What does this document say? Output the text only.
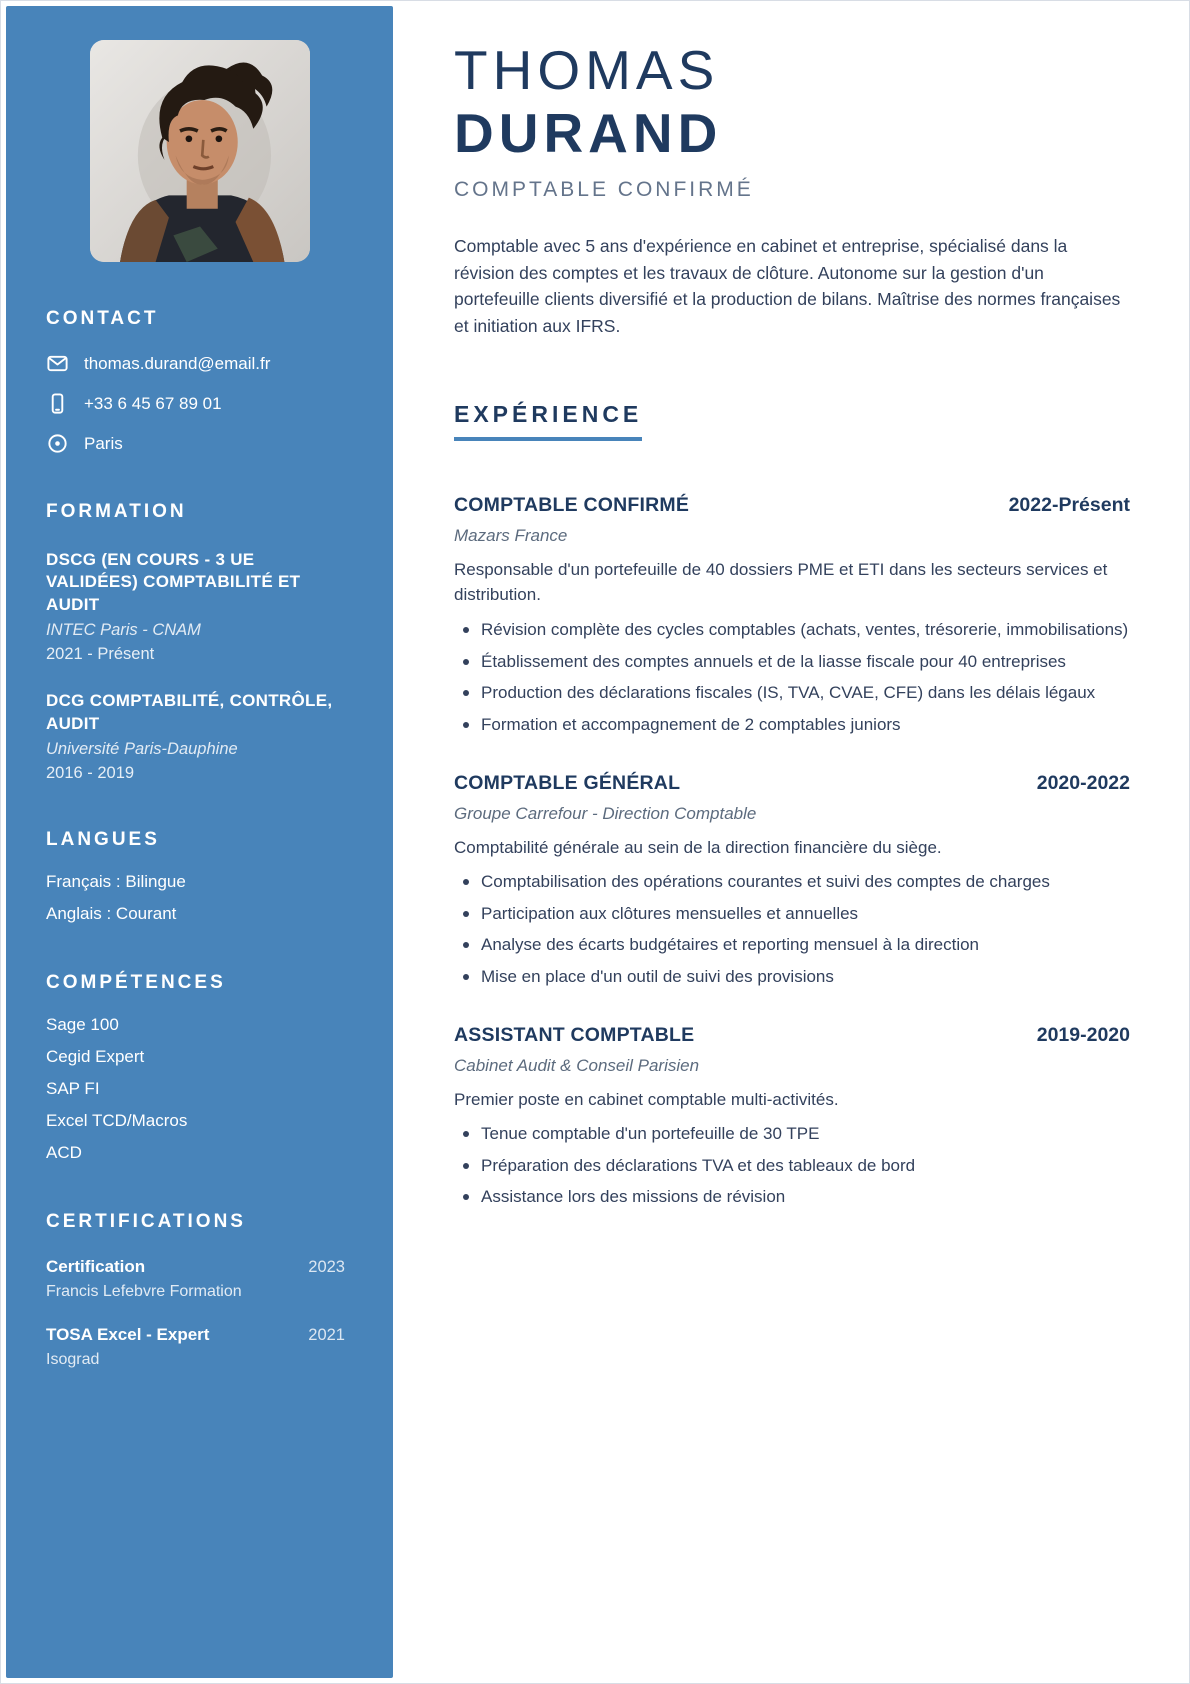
CONTACT
thomas.durand@email.fr
+33 6 45 67 89 01
Paris
FORMATION
DSCG (EN COURS - 3 UE VALIDÉES) COMPTABILITÉ ET AUDIT
INTEC Paris - CNAM
2021 - Présent
DCG COMPTABILITÉ, CONTRÔLE, AUDIT
Université Paris-Dauphine
2016 - 2019
LANGUES
Français : Bilingue
Anglais : Courant
COMPÉTENCES
Sage 100
Cegid Expert
SAP FI
Excel TCD/Macros
ACD
CERTIFICATIONS
Certification	2023
Francis Lefebvre Formation
TOSA Excel - Expert	2021
Isograd
THOMAS
DURAND
COMPTABLE CONFIRMÉ

Comptable avec 5 ans d'expérience en cabinet et entreprise, spécialisé dans la révision des comptes et les travaux de clôture. Autonome sur la gestion d'un portefeuille clients diversifié et la production de bilans. Maîtrise des normes françaises et initiation aux IFRS.

EXPÉRIENCE
COMPTABLE CONFIRMÉ	2022-Présent
Mazars France
Responsable d'un portefeuille de 40 dossiers PME et ETI dans les secteurs services et distribution.
Révision complète des cycles comptables (achats, ventes, trésorerie, immobilisations)
Établissement des comptes annuels et de la liasse fiscale pour 40 entreprises
Production des déclarations fiscales (IS, TVA, CVAE, CFE) dans les délais légaux
Formation et accompagnement de 2 comptables juniors
COMPTABLE GÉNÉRAL	2020-2022
Groupe Carrefour - Direction Comptable
Comptabilité générale au sein de la direction financière du siège.
Comptabilisation des opérations courantes et suivi des comptes de charges
Participation aux clôtures mensuelles et annuelles
Analyse des écarts budgétaires et reporting mensuel à la direction
Mise en place d'un outil de suivi des provisions
ASSISTANT COMPTABLE	2019-2020
Cabinet Audit & Conseil Parisien
Premier poste en cabinet comptable multi-activités.
Tenue comptable d'un portefeuille de 30 TPE
Préparation des déclarations TVA et des tableaux de bord
Assistance lors des missions de révision
